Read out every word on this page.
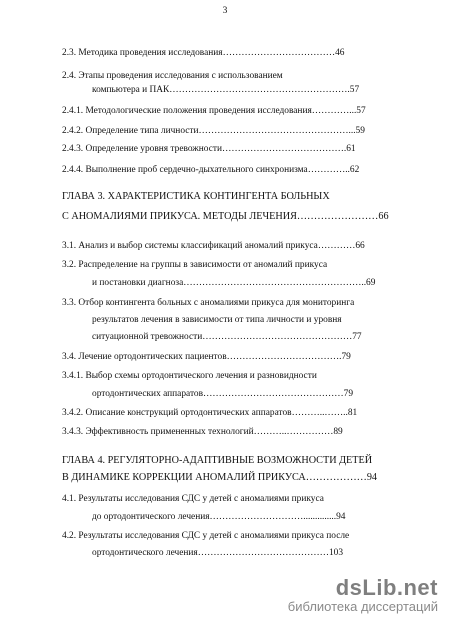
3
2.3. Методика проведения исследования………………………………46
2.4. Этапы проведения исследования с использованием
компьютера и ПАК………………………………………………….57
2.4.1. Методологические положения проведения исследования…………...57
2.4.2. Определение типа личности…………………………………………...59
2.4.3. Определение уровня тревожности………………………………….61
2.4.4. Выполнение проб сердечно-дыхательного синхронизма…………..62
ГЛАВА 3. ХАРАКТЕРИСТИКА КОНТИНГЕНТА БОЛЬНЫХ
С АНОМАЛИЯМИ ПРИКУСА. МЕТОДЫ ЛЕЧЕНИЯ……………………66
3.1. Анализ и выбор системы классификаций аномалий прикуса…………66
3.2. Распределение на группы в зависимости от аномалий прикуса
и постановки диагноза…………………………………………………..69
3.3. Отбор контингента больных с аномалиями прикуса для мониторинга
результатов лечения в зависимости от типа личности и уровня
ситуационной тревожности…………………………………………77
3.4. Лечение ортодонтических пациентов……………………………….79
3.4.1. Выбор схемы ортодонтического лечения и разновидности
ортодонтических аппаратов………………………………………79
3.4.2. Описание конструкций ортодонтических аппаратов………..……..81
3.4.3. Эффективность примененных технологий………..……………89
ГЛАВА 4. РЕГУЛЯТОРНО-АДАПТИВНЫЕ ВОЗМОЖНОСТИ ДЕТЕЙ
В ДИНАМИКЕ КОРРЕКЦИИ АНОМАЛИЙ ПРИКУСА………………94
4.1. Результаты исследования СДС у детей с аномалиями прикуса
до ортодонтического лечения…………………………..............94
4.2. Результаты исследования СДС у детей с аномалиями прикуса после
ортодонтического лечения……………………………………103
dsLib.net
библиотека диссертаций
